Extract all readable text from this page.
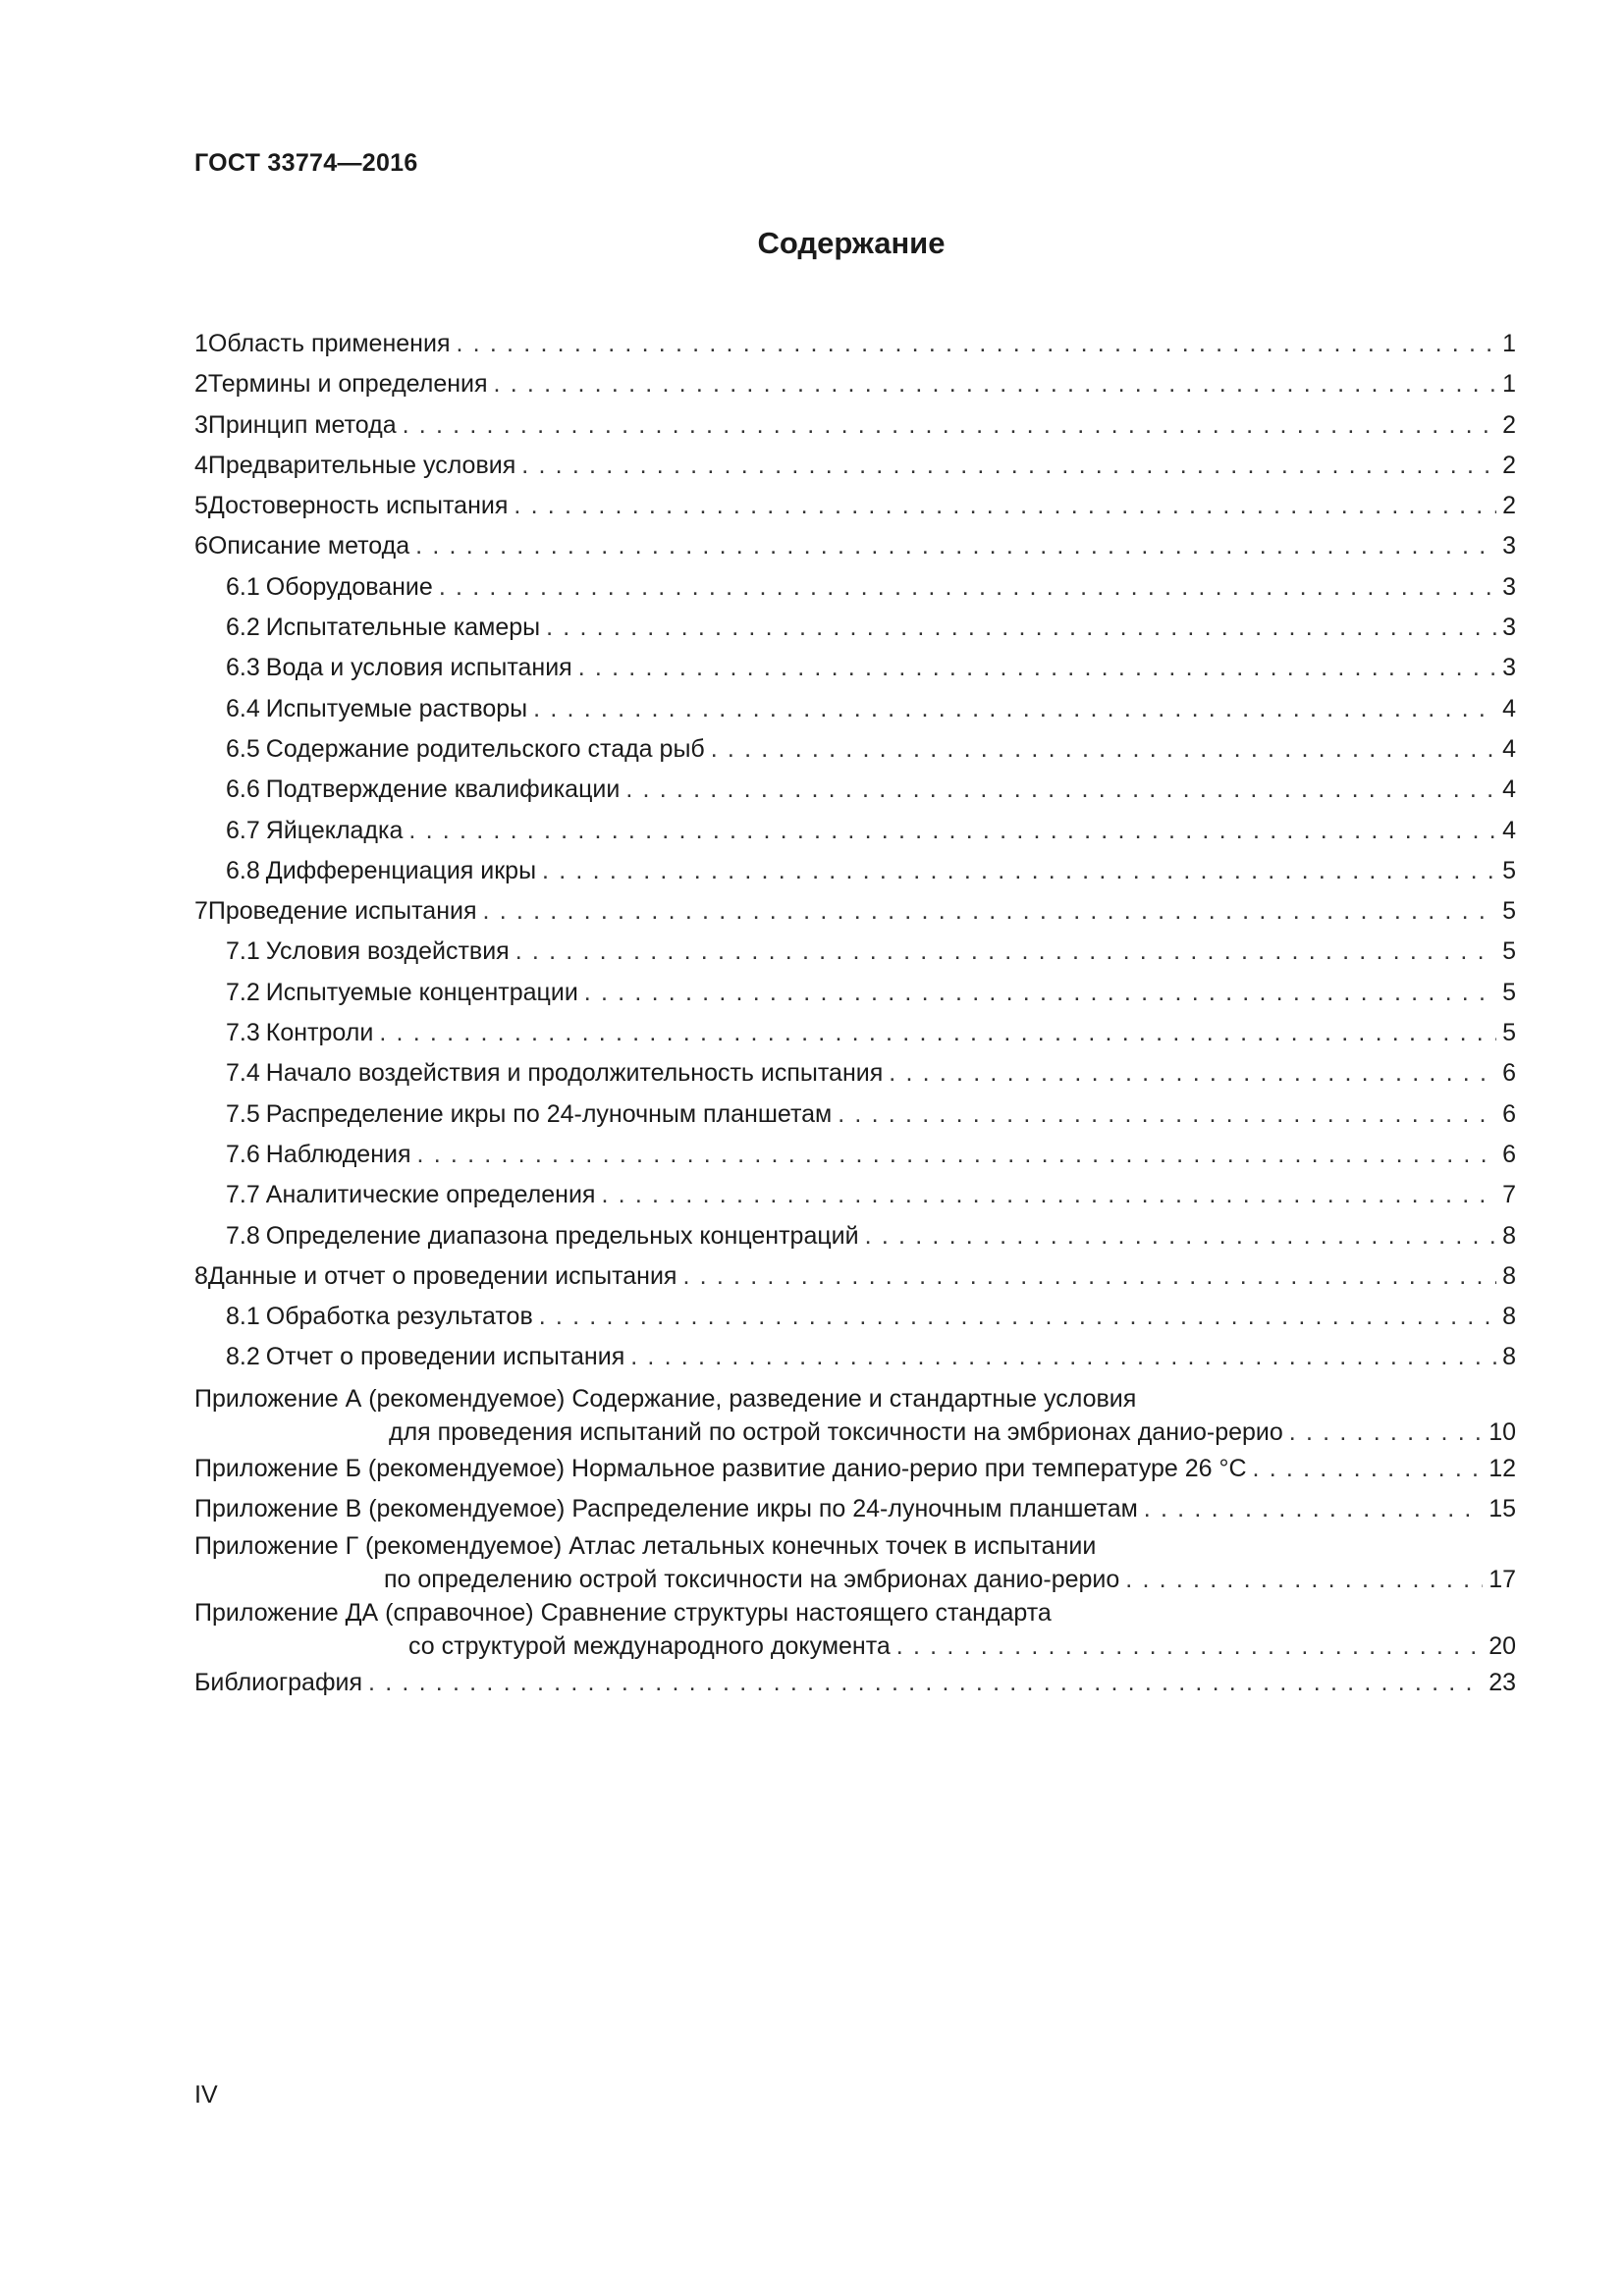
ГОСТ 33774—2016
Содержание
1 Область применения . . .	1
2 Термины и определения . . .	1
3 Принцип метода . . .	2
4 Предварительные условия . . .	2
5 Достоверность испытания . . .	2
6 Описание метода . . .	3
6.1 Оборудование . . .	3
6.2 Испытательные камеры . . .	3
6.3 Вода и условия испытания . . .	3
6.4 Испытуемые растворы . . .	4
6.5 Содержание родительского стада рыб . . .	4
6.6 Подтверждение квалификации . . .	4
6.7 Яйцекладка . . .	4
6.8 Дифференциация икры . . .	5
7 Проведение испытания . . .	5
7.1 Условия воздействия . . .	5
7.2 Испытуемые концентрации . . .	5
7.3 Контроли . . .	5
7.4 Начало воздействия и продолжительность испытания . . .	6
7.5 Распределение икры по 24-луночным планшетам . . .	6
7.6 Наблюдения . . .	6
7.7 Аналитические определения . . .	7
7.8 Определение диапазона предельных концентраций . . .	8
8 Данные и отчет о проведении испытания . . .	8
8.1 Обработка результатов . . .	8
8.2 Отчет о проведении испытания . . .	8
Приложение А (рекомендуемое) Содержание, разведение и стандартные условия
для проведения испытаний по острой токсичности на эмбрионах данио-рерио . . .	10
Приложение Б (рекомендуемое) Нормальное развитие данио-рерио при температуре 26 °С . . .	12
Приложение В (рекомендуемое) Распределение икры по 24-луночным планшетам . . .	15
Приложение Г (рекомендуемое) Атлас летальных конечных точек в испытании
по определению острой токсичности на эмбрионах данио-рерио . . .	17
Приложение ДА (справочное) Сравнение структуры настоящего стандарта
со структурой международного документа . . .	20
Библиография . . .	23
IV
